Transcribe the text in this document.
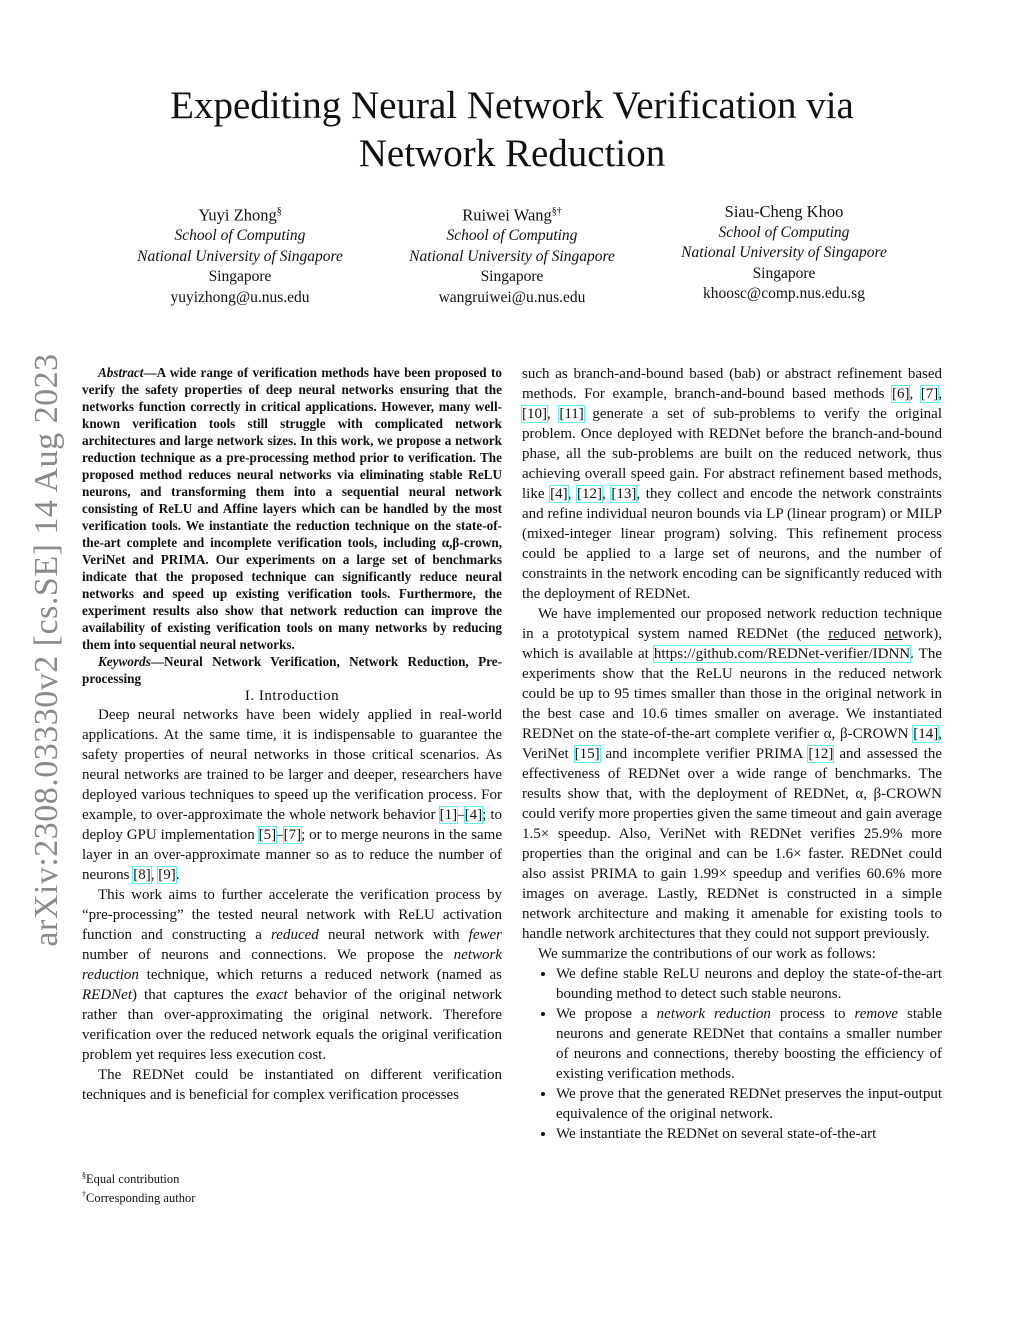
arXiv:2308.03330v2 [cs.SE] 14 Aug 2023
Expediting Neural Network Verification via
Network Reduction
Yuyi Zhong§
School of Computing
National University of Singapore
Singapore
yuyizhong@u.nus.edu
Ruiwei Wang§†
School of Computing
National University of Singapore
Singapore
wangruiwei@u.nus.edu
Siau-Cheng Khoo
School of Computing
National University of Singapore
Singapore
khoosc@comp.nus.edu.sg

Abstract—A wide range of verification methods have been proposed to verify the safety properties of deep neural networks ensuring that the networks function correctly in critical applications. However, many well-known verification tools still struggle with complicated network architectures and large network sizes. In this work, we propose a network reduction technique as a pre-processing method prior to verification. The proposed method reduces neural networks via eliminating stable ReLU neurons, and transforming them into a sequential neural network consisting of ReLU and Affine layers which can be handled by the most verification tools. We instantiate the reduction technique on the state-of-the-art complete and incomplete verification tools, including α,β-crown, VeriNet and PRIMA. Our experiments on a large set of benchmarks indicate that the proposed technique can significantly reduce neural networks and speed up existing verification tools. Furthermore, the experiment results also show that network reduction can improve the availability of existing verification tools on many networks by reducing them into sequential neural networks.

Keywords—Neural Network Verification, Network Reduction, Pre-processing

I. Introduction

Deep neural networks have been widely applied in real-world applications. At the same time, it is indispensable to guarantee the safety properties of neural networks in those critical scenarios. As neural networks are trained to be larger and deeper, researchers have deployed various techniques to speed up the verification process. For example, to over-approximate the whole network behavior [1]–[4]; to deploy GPU implementation [5]–[7]; or to merge neurons in the same layer in an over-approximate manner so as to reduce the number of neurons [8], [9].

This work aims to further accelerate the verification process by “pre-processing” the tested neural network with ReLU activation function and constructing a reduced neural network with fewer number of neurons and connections. We propose the network reduction technique, which returns a reduced network (named as REDNet) that captures the exact behavior of the original network rather than over-approximating the original network. Therefore verification over the reduced network equals the original verification problem yet requires less execution cost.

The REDNet could be instantiated on different verification techniques and is beneficial for complex verification processes

§Equal contribution
†Corresponding author

such as branch-and-bound based (bab) or abstract refinement based methods. For example, branch-and-bound based methods [6], [7], [10], [11] generate a set of sub-problems to verify the original problem. Once deployed with REDNet before the branch-and-bound phase, all the sub-problems are built on the reduced network, thus achieving overall speed gain. For abstract refinement based methods, like [4], [12], [13], they collect and encode the network constraints and refine individual neuron bounds via LP (linear program) or MILP (mixed-integer linear program) solving. This refinement process could be applied to a large set of neurons, and the number of constraints in the network encoding can be significantly reduced with the deployment of REDNet.

We have implemented our proposed network reduction technique in a prototypical system named REDNet (the reduced network), which is available at https://github.com/REDNet-verifier/IDNN. The experiments show that the ReLU neurons in the reduced network could be up to 95 times smaller than those in the original network in the best case and 10.6 times smaller on average. We instantiated REDNet on the state-of-the-art complete verifier α, β-CROWN [14], VeriNet [15] and incomplete verifier PRIMA [12] and assessed the effectiveness of REDNet over a wide range of benchmarks. The results show that, with the deployment of REDNet, α, β-CROWN could verify more properties given the same timeout and gain average 1.5× speedup. Also, VeriNet with REDNet verifies 25.9% more properties than the original and can be 1.6× faster. REDNet could also assist PRIMA to gain 1.99× speedup and verifies 60.6% more images on average. Lastly, REDNet is constructed in a simple network architecture and making it amenable for existing tools to handle network architectures that they could not support previously.

We summarize the contributions of our work as follows:

• We define stable ReLU neurons and deploy the state-of-the-art bounding method to detect such stable neurons.
• We propose a network reduction process to remove stable neurons and generate REDNet that contains a smaller number of neurons and connections, thereby boosting the efficiency of existing verification methods.
• We prove that the generated REDNet preserves the input-output equivalence of the original network.
• We instantiate the REDNet on several state-of-the-art
